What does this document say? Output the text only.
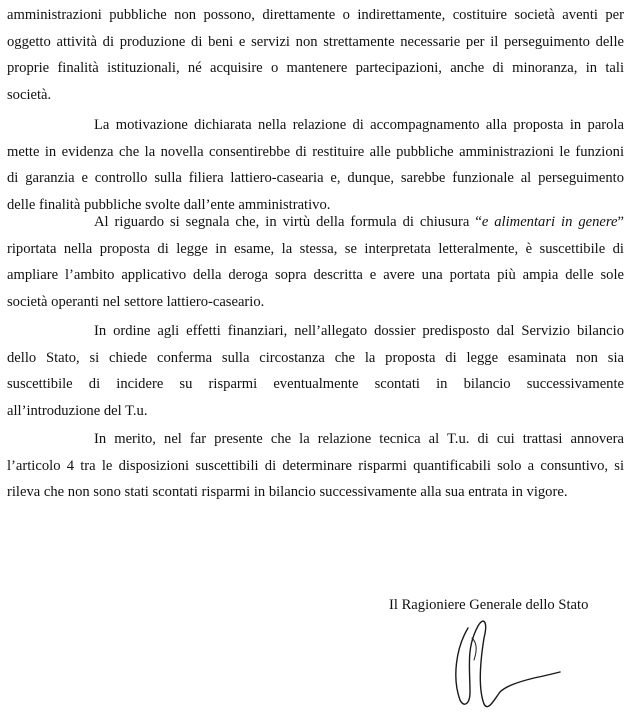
amministrazioni pubbliche non possono, direttamente o indirettamente, costituire società aventi per
oggetto attività di produzione di beni e servizi non strettamente necessarie per il perseguimento delle
proprie finalità istituzionali, né acquisire o mantenere partecipazioni, anche di minoranza, in tali
società.
La motivazione dichiarata nella relazione di accompagnamento alla proposta in parola
mette in evidenza che la novella consentirebbe di restituire alle pubbliche amministrazioni le funzioni
di garanzia e controllo sulla filiera lattiero-casearia e, dunque, sarebbe funzionale al perseguimento
delle finalità pubbliche svolte dall’ente amministrativo.
Al riguardo si segnala che, in virtù della formula di chiusura “e alimentari in genere”
riportata nella proposta di legge in esame, la stessa, se interpretata letteralmente, è suscettibile di
ampliare l’ambito applicativo della deroga sopra descritta e avere una portata più ampia delle sole
società operanti nel settore lattiero-caseario.
In ordine agli effetti finanziari, nell’allegato dossier predisposto dal Servizio bilancio
dello Stato, si chiede conferma sulla circostanza che la proposta di legge esaminata non sia
suscettibile di incidere su risparmi eventualmente scontati in bilancio successivamente
all’introduzione del T.u.
In merito, nel far presente che la relazione tecnica al T.u. di cui trattasi annovera
l’articolo 4 tra le disposizioni suscettibili di determinare risparmi quantificabili solo a consuntivo, si
rileva che non sono stati scontati risparmi in bilancio successivamente alla sua entrata in vigore.
Il Ragioniere Generale dello Stato
